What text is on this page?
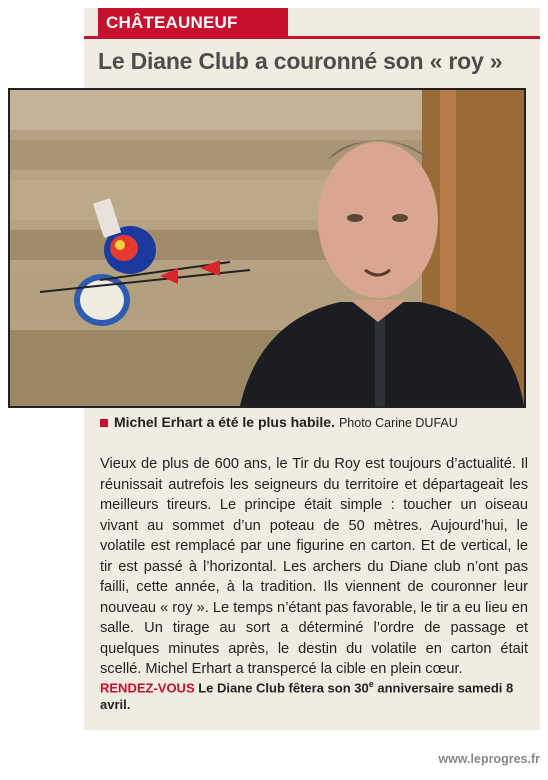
CHÂTEAUNEUF
Le Diane Club a couronné son « roy »
Michel Erhart a été le plus habile. Photo Carine DUFAU

Vieux de plus de 600 ans, le Tir du Roy est toujours d’actualité. Il réunissait autrefois les seigneurs du territoire et départageait les meilleurs tireurs. Le principe était simple : toucher un oiseau vivant au sommet d’un poteau de 50 mètres. Aujourd’hui, le volatile est remplacé par une figurine en carton. Et de vertical, le tir est passé à l’horizontal. Les archers du Diane club n’ont pas failli, cette année, à la tradition. Ils viennent de couronner leur nouveau « roy ». Le temps n’étant pas favorable, le tir a eu lieu en salle. Un tirage au sort a déterminé l’ordre de passage et quelques minutes après, le destin du volatile en carton était scellé. Michel Erhart a transpercé la cible en plein cœur.

RENDEZ-VOUS Le Diane Club fêtera son 30e anniversaire samedi 8 avril.
www.leprogres.fr
